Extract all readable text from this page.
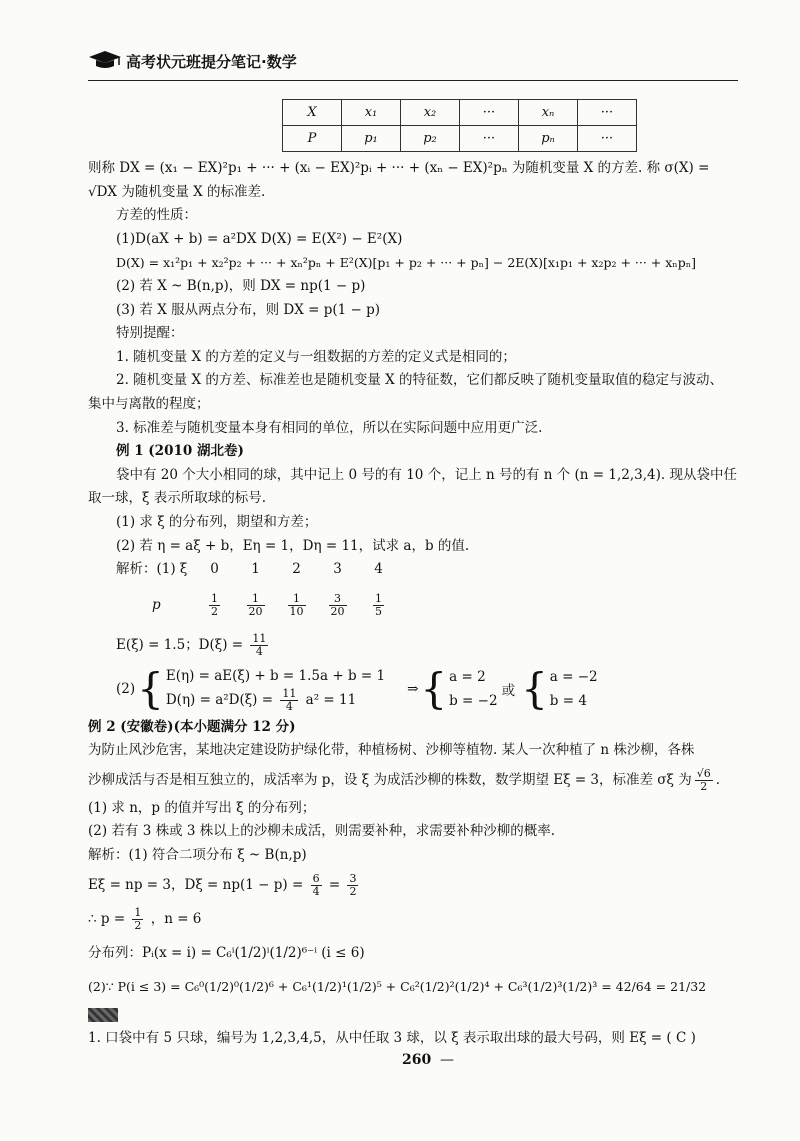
高考状元班提分笔记·数学
X	x₁	x₂	···	xₙ	···
P	p₁	p₂	···	pₙ	···
则称 DX = (x₁ − EX)²p₁ + ··· + (xᵢ − EX)²pᵢ + ··· + (xₙ − EX)²pₙ 为随机变量 X 的方差. 称 σ(X) =
√DX 为随机变量 X 的标准差.
方差的性质：
(1)D(aX + b) = a²DX D(X) = E(X²) − E²(X)
D(X) = x₁²p₁ + x₂²p₂ + ··· + xₙ²pₙ + E²(X)[p₁ + p₂ + ··· + pₙ] − 2E(X)[x₁p₁ + x₂p₂ + ··· + xₙpₙ]
(2) 若 X ~ B(n,p)，则 DX = np(1 − p)
(3) 若 X 服从两点分布，则 DX = p(1 − p)
特别提醒：
1. 随机变量 X 的方差的定义与一组数据的方差的定义式是相同的；
2. 随机变量 X 的方差、标准差也是随机变量 X 的特征数，它们都反映了随机变量取值的稳定与波动、
集中与离散的程度；
3. 标准差与随机变量本身有相同的单位，所以在实际问题中应用更广泛.
例 1 (2010 湖北卷)
袋中有 20 个大小相同的球，其中记上 0 号的有 10 个，记上 n 号的有 n 个 (n = 1,2,3,4). 现从袋中任
取一球，ξ 表示所取球的标号.
(1) 求 ξ 的分布列，期望和方差；
(2) 若 η = aξ + b，Eη = 1，Dη = 11，试求 a，b 的值.
解析：(1) ξ	0	1	2	3	4
p	$\frac{1}{2} \frac{1}{20} \frac{1}{10} \frac{3}{20} \frac{1}{5}$
E(ξ) = 1.5；$D(\xi) = \frac{11}{4}$
(2) { E(η) = aE(ξ) + b = 1.5a + b = 1
$D(\eta) = a^2D(\xi) = \frac{11}{4} a^2 = 11$
⇒ { a = 2
b = −2
或 { a = −2
b = 4
例 2 (安徽卷)(本小题满分 12 分)
为防止风沙危害，某地决定建设防护绿化带，种植杨树、沙柳等植物. 某人一次种植了 n 株沙柳，各株
沙柳成活与否是相互独立的，成活率为 p，设 ξ 为成活沙柳的株数，数学期望 Eξ = 3，标准差 σξ 为 $\frac{√6}{2}$ .
(1) 求 n，p 的值并写出 ξ 的分布列；
(2) 若有 3 株或 3 株以上的沙柳未成活，则需要补种，求需要补种沙柳的概率.
解析：(1) 符合二项分布 ξ ~ B(n,p)
Eξ = np = 3，$D\xi = np(1 - p) = \frac{6}{4} = \frac{3}{2}$
∴ $p = \frac{1}{2}$ ，n = 6
分布列：Pᵢ(x = i) = C₆ⁱ(1/2)ⁱ(1/2)⁶⁻ⁱ (i ≤ 6)
(2)∵ P(i ≤ 3) = C₆⁰(1/2)⁰(1/2)⁶ + C₆¹(1/2)¹(1/2)⁵ + C₆²(1/2)²(1/2)⁴ + C₆³(1/2)³(1/2)³ = 42/64 = 21/32
1. 口袋中有 5 只球，编号为 1,2,3,4,5，从中任取 3 球，以 ξ 表示取出球的最大号码，则 Eξ = ( C )
260 —
